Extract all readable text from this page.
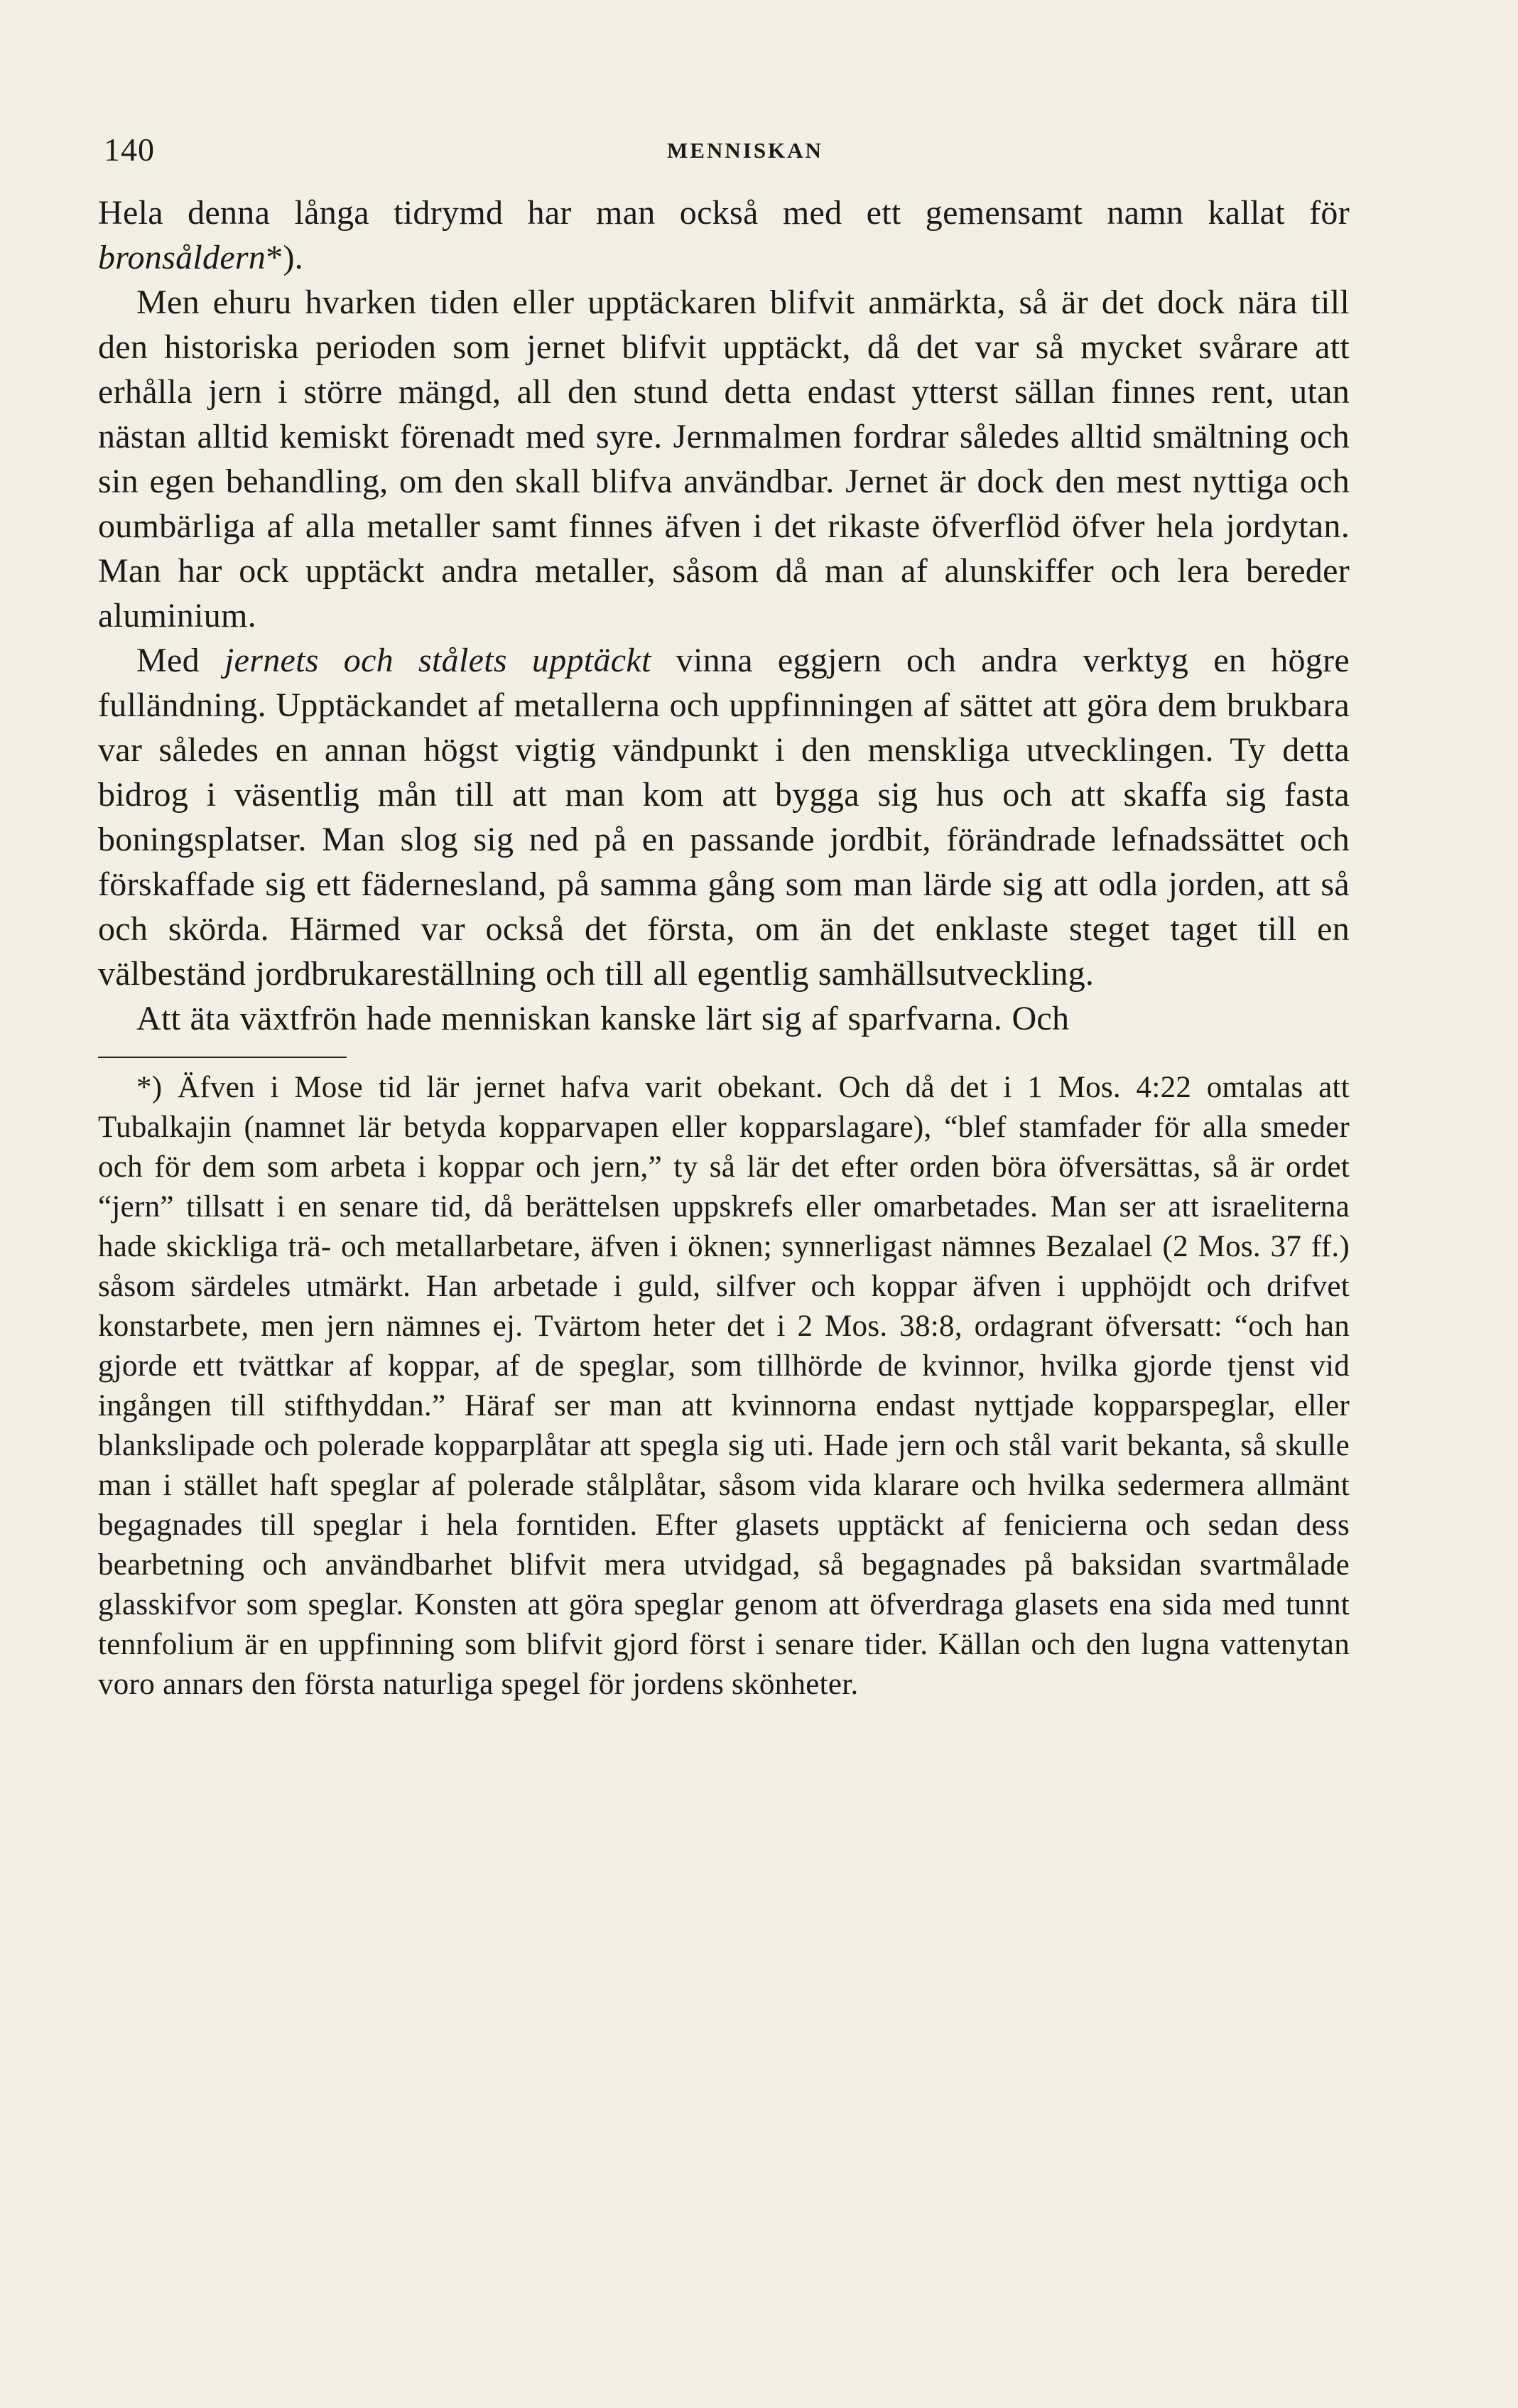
140	MENNISKAN

Hela denna långa tidrymd har man också med ett gemensamt namn kallat för bronsåldern*).

Men ehuru hvarken tiden eller upptäckaren blifvit anmärkta, så är det dock nära till den historiska perioden som jernet blifvit upptäckt, då det var så mycket svårare att erhålla jern i större mängd, all den stund detta endast ytterst sällan finnes rent, utan nästan alltid kemiskt förenadt med syre. Jernmalmen fordrar således alltid smältning och sin egen behandling, om den skall blifva användbar. Jernet är dock den mest nyttiga och oumbärliga af alla metaller samt finnes äfven i det rikaste öfverflöd öfver hela jordytan. Man har ock upptäckt andra metaller, såsom då man af alunskiffer och lera bereder aluminium.

Med jernets och stålets upptäckt vinna eggjern och andra verktyg en högre fulländning. Upptäckandet af metallerna och uppfinningen af sättet att göra dem brukbara var således en annan högst vigtig vändpunkt i den menskliga utvecklingen. Ty detta bidrog i väsentlig mån till att man kom att bygga sig hus och att skaffa sig fasta boningsplatser. Man slog sig ned på en passande jordbit, förändrade lefnadssättet och förskaffade sig ett fädernesland, på samma gång som man lärde sig att odla jorden, att så och skörda. Härmed var också det första, om än det enklaste steget taget till en välbeständ jordbrukareställning och till all egentlig samhällsutveckling.

Att äta växtfrön hade menniskan kanske lärt sig af sparfvarna. Och

*) Äfven i Mose tid lär jernet hafva varit obekant. Och då det i 1 Mos. 4:22 omtalas att Tubalkajin (namnet lär betyda kopparvapen eller kopparslagare), “blef stamfader för alla smeder och för dem som arbeta i koppar och jern,” ty så lär det efter orden böra öfversättas, så är ordet “jern” tillsatt i en senare tid, då berättelsen uppskrefs eller omarbetades. Man ser att israeliterna hade skickliga trä- och metallarbetare, äfven i öknen; synnerligast nämnes Bezalael (2 Mos. 37 ff.) såsom särdeles utmärkt. Han arbetade i guld, silfver och koppar äfven i upphöjdt och drifvet konstarbete, men jern nämnes ej. Tvärtom heter det i 2 Mos. 38:8, ordagrant öfversatt: “och han gjorde ett tvättkar af koppar, af de speglar, som tillhörde de kvinnor, hvilka gjorde tjenst vid ingången till stifthyddan.” Häraf ser man att kvinnorna endast nyttjade kopparspeglar, eller blankslipade och polerade kopparplåtar att spegla sig uti. Hade jern och stål varit bekanta, så skulle man i stället haft speglar af polerade stålplåtar, såsom vida klarare och hvilka sedermera allmänt begagnades till speglar i hela forntiden. Efter glasets upptäckt af fenicierna och sedan dess bearbetning och användbarhet blifvit mera utvidgad, så begagnades på baksidan svartmålade glasskifvor som speglar. Konsten att göra speglar genom att öfverdraga glasets ena sida med tunnt tennfolium är en uppfinning som blifvit gjord först i senare tider. Källan och den lugna vattenytan voro annars den första naturliga spegel för jordens skönheter.
